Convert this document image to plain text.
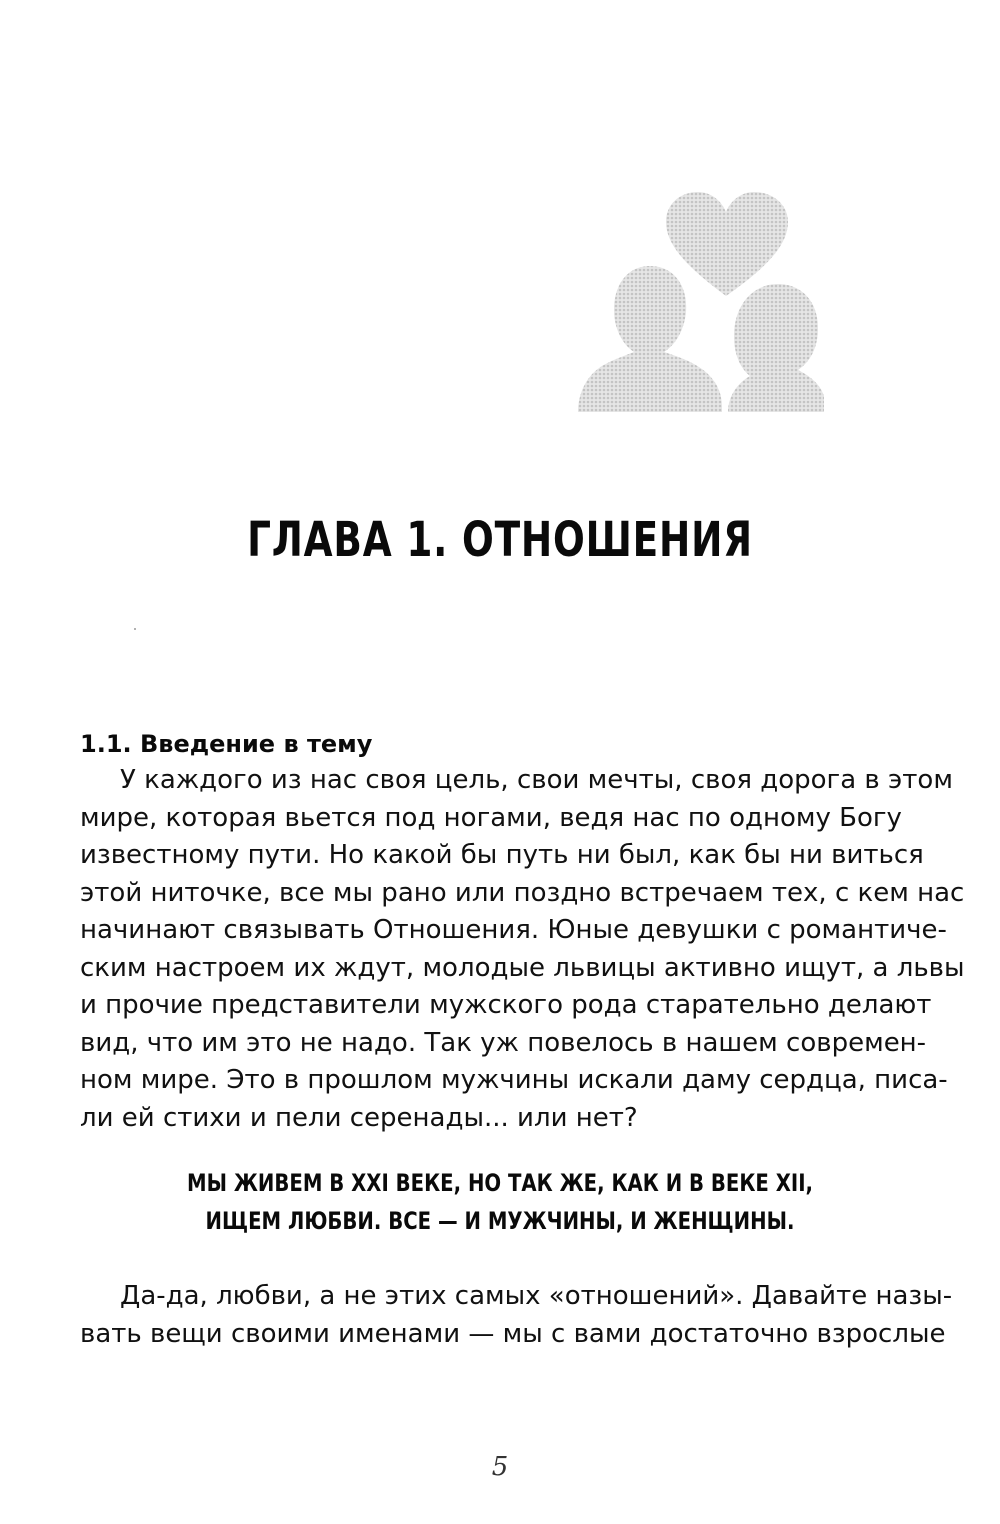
ГЛАВА 1. ОТНОШЕНИЯ
1.1. Введение в тему
У каждого из нас своя цель, свои мечты, своя дорога в этом
мире, которая вьется под ногами, ведя нас по одному Богу
известному пути. Но какой бы путь ни был, как бы ни виться
этой ниточке, все мы рано или поздно встречаем тех, с кем нас
начинают связывать Отношения. Юные девушки с романтиче-
ским настроем их ждут, молодые львицы активно ищут, а львы
и прочие представители мужского рода старательно делают
вид, что им это не надо. Так уж повелось в нашем современ-
ном мире. Это в прошлом мужчины искали даму сердца, писа-
ли ей стихи и пели серенады... или нет?
МЫ ЖИВЕМ В XXI ВЕКЕ, НО ТАК ЖЕ, КАК И В ВЕКЕ XII,
ИЩЕМ ЛЮБВИ. ВСЕ — И МУЖЧИНЫ, И ЖЕНЩИНЫ.
Да-да, любви, а не этих самых «отношений». Давайте назы-
вать вещи своими именами — мы с вами достаточно взрослые
5
